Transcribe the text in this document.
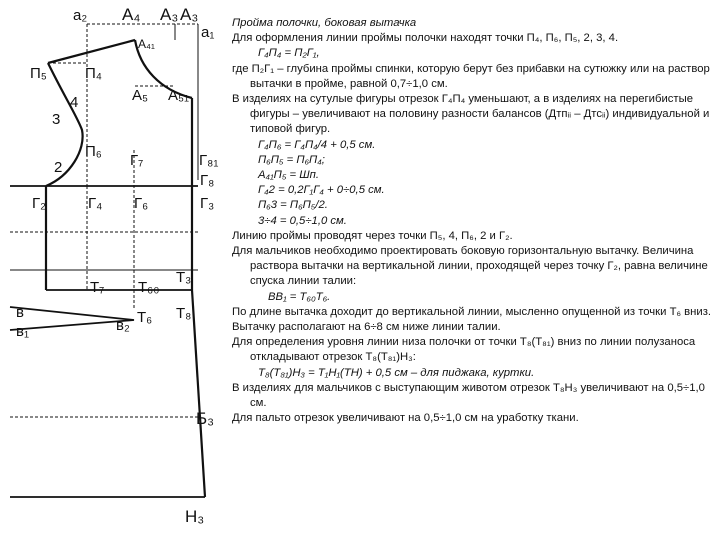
а₂ А₄ А₃ А₃
а₁
А₄₁
П₅	П₄
4
3
А₅ А₅₁
П₆
2	Г₇	Г₈₁
Г₈
Г₂	Г₄ Г₆	Г₃
Т₇ Т₆₀
Т₃
в	Т₆ Т₈
в₁	в₂
Б₃
Н₃

Пройма полочки, боковая вытачка

Для оформления линии проймы полочки находят точки П₄, П₆, П₅, 2, 3, 4.

Г₄П₄ = П₂Г₁,

где П₂Г₁ – глубина проймы спинки, которую берут без прибавки на сутюжку или на раствор вытачки в пройме, равной 0,7÷1,0 см.

В изделиях на сутулые фигуры отрезок Г₄П₄ уменьшают, а в изделиях на перегибистые фигуры – увеличивают на половину разности балансов (Дтпᵢᵢ – Дтсᵢᵢ) индивидуальной и типовой фигур.

Г₄П₆ = Г₄П₄/4 + 0,5 см.

П₆П₅ = П₆П₄;

А₄₁П₅ = Шп.

Г₄2 = 0,2Г₁Г₄ + 0÷0,5 см.

П₆3 = П₆П₅/2.

3÷4 = 0,5÷1,0 см.

Линию проймы проводят через точки П₅, 4, П₆, 2 и Г₂.

Для мальчиков необходимо проектировать боковую горизонтальную вытачку. Величина раствора вытачки на вертикальной линии, проходящей через точку Г₂, равна величине спуска линии талии:

ВВ₁ = Т₆₀Т₆.

По длине вытачка доходит до вертикальной линии, мысленно опущенной из точки Т₆ вниз.

Вытачку располагают на 6÷8 см ниже линии талии.

Для определения уровня линии низа полочки от точки Т₈(Т₈₁) вниз по линии полузаноса откладывают отрезок Т₈(Т₈₁)Н₃:

Т₈(Т₈₁)Н₃ = Т₁Н₁(ТН) + 0,5 см – для пиджака, куртки.

В изделиях для мальчиков с выступающим животом отрезок Т₈Н₃ увеличивают на 0,5÷1,0 см.

Для пальто отрезок увеличивают на 0,5÷1,0 см на уработку ткани.
